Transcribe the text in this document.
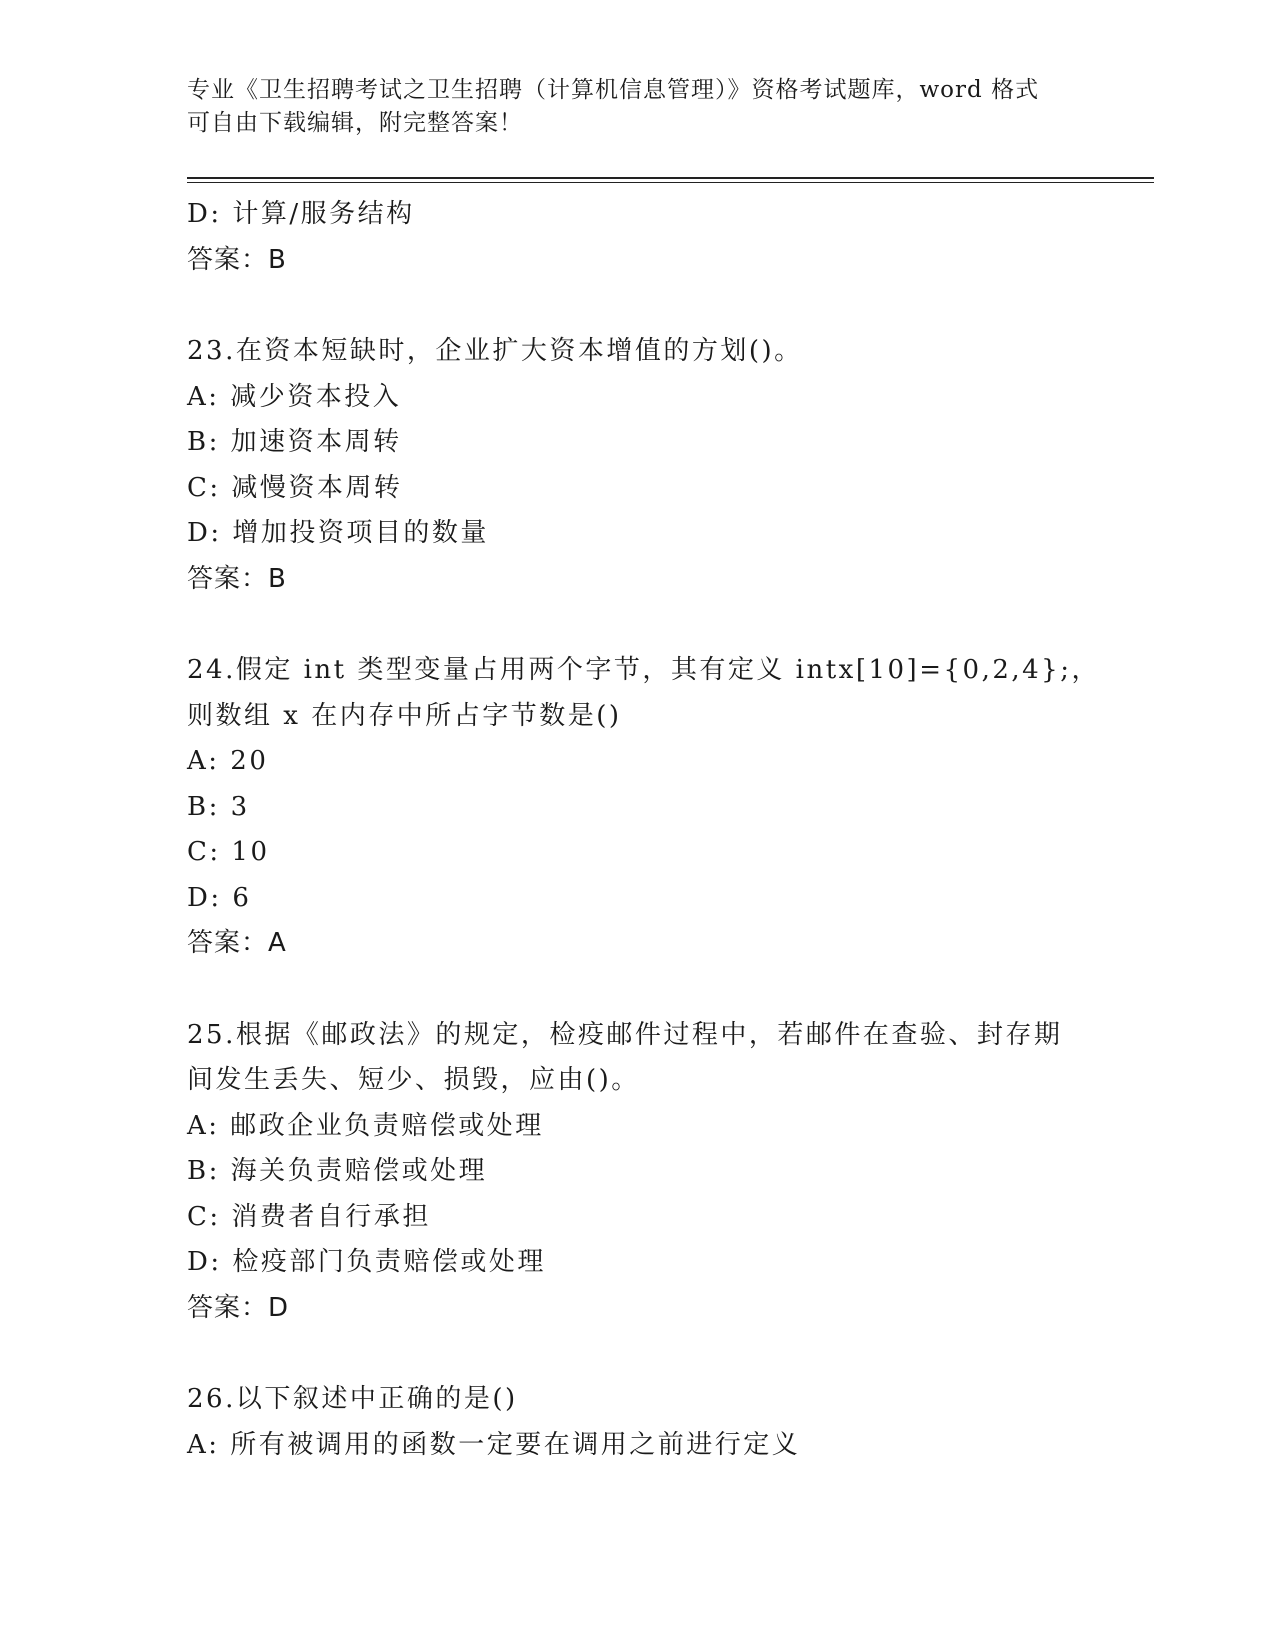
专业《卫生招聘考试之卫生招聘（计算机信息管理）》资格考试题库，word 格式
可自由下载编辑，附完整答案！
D: 计算/服务结构
答案：B
23.在资本短缺时，企业扩大资本增值的方划()。
A: 减少资本投入
B: 加速资本周转
C: 减慢资本周转
D: 增加投资项目的数量
答案：B
24.假定 int 类型变量占用两个字节，其有定义 intx[10]={0,2,4};，
则数组 x 在内存中所占字节数是()
A: 20
B: 3
C: 10
D: 6
答案：A
25.根据《邮政法》的规定，检疫邮件过程中，若邮件在查验、封存期
间发生丢失、短少、损毁，应由()。
A: 邮政企业负责赔偿或处理
B: 海关负责赔偿或处理
C: 消费者自行承担
D: 检疫部门负责赔偿或处理
答案：D
26.以下叙述中正确的是()
A: 所有被调用的函数一定要在调用之前进行定义
